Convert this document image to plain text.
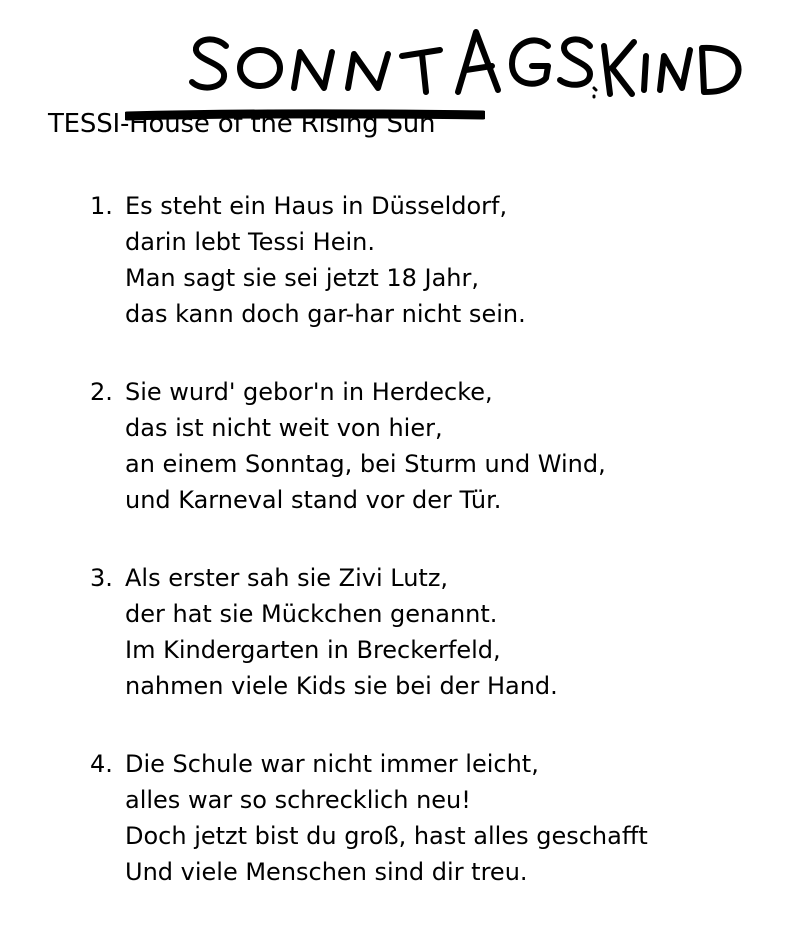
TESSI-House of the Rising Sun
1. Es steht ein Haus in Düsseldorf,
darin lebt Tessi Hein.
Man sagt sie sei jetzt 18 Jahr,
das kann doch gar-har nicht sein.
2. Sie wurd' gebor'n in Herdecke,
das ist nicht weit von hier,
an einem Sonntag, bei Sturm und Wind,
und Karneval stand vor der Tür.
3. Als erster sah sie Zivi Lutz,
der hat sie Mückchen genannt.
Im Kindergarten in Breckerfeld,
nahmen viele Kids sie bei der Hand.
4. Die Schule war nicht immer leicht,
alles war so schrecklich neu!
Doch jetzt bist du groß, hast alles geschafft
Und viele Menschen sind dir treu.
